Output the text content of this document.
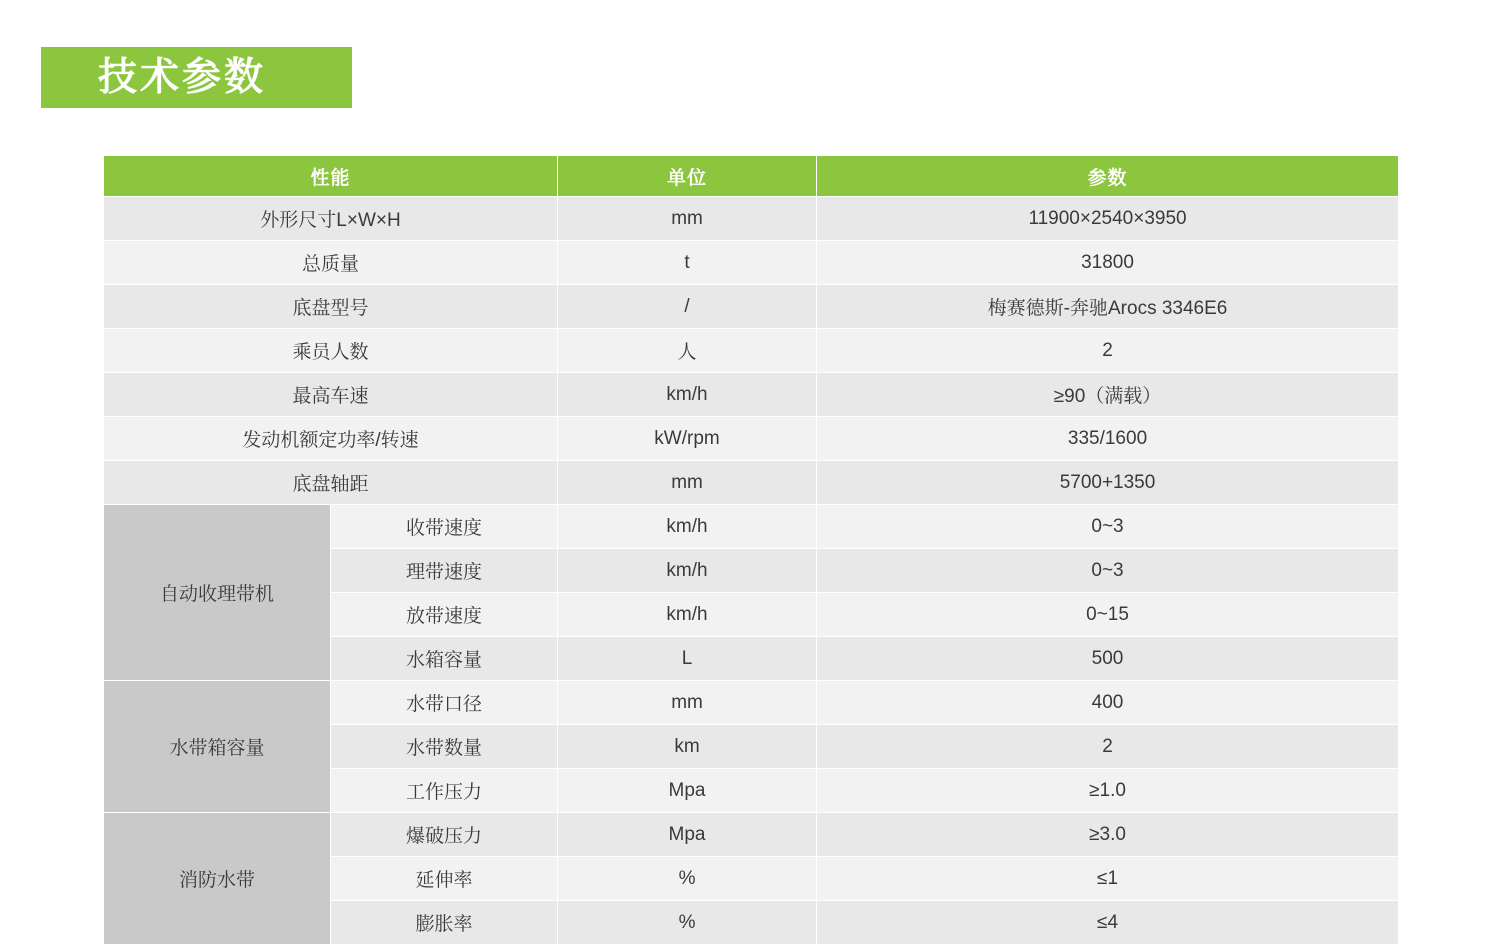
技术参数
性能		单位	参数
外形尺寸L×W×H		mm	11900×2540×3950
总质量		t	31800
底盘型号		/	梅赛德斯-奔驰Arocs 3346E6
乘员人数		人	2
最高车速		km/h	≥90（满载）
发动机额定功率/转速		kW/rpm	335/1600
底盘轴距		mm	5700+1350
自动收理带机	收带速度	km/h	0~3
	理带速度	km/h	0~3
	放带速度	km/h	0~15
	水箱容量	L	500
水带箱容量	水带口径	mm	400
	水带数量	km	2
	工作压力	Mpa	≥1.0
消防水带	爆破压力	Mpa	≥3.0
	延伸率	%	≤1
	膨胀率	%	≤4
